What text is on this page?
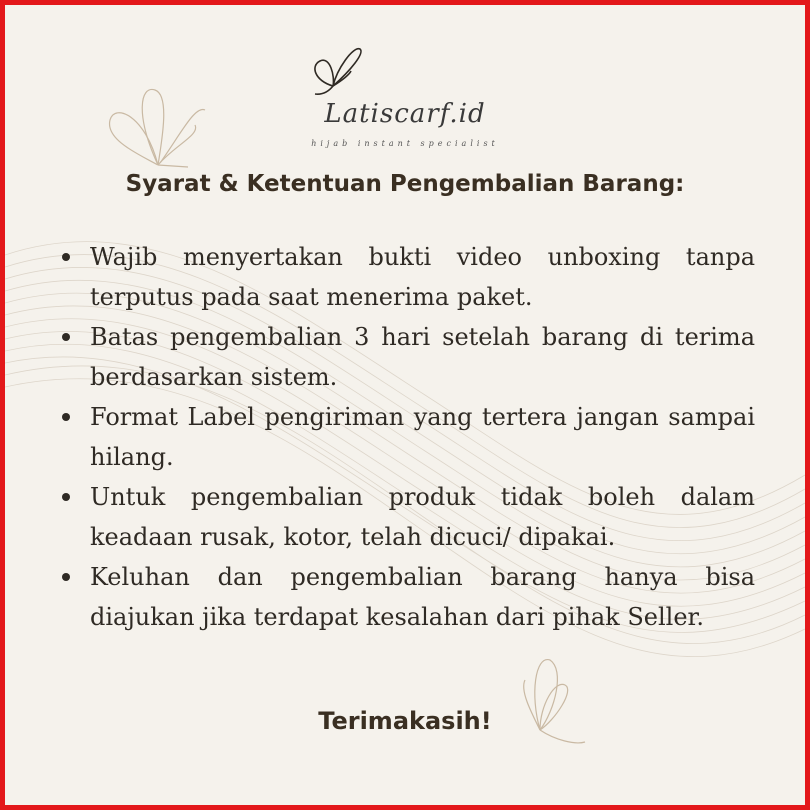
Latiscarf.id
hijab instant specialist
Syarat & Ketentuan Pengembalian Barang:
Wajib menyertakan bukti video unboxing tanpa terputus pada saat menerima paket.
Batas pengembalian 3 hari setelah barang di terima berdasarkan sistem.
Format Label pengiriman yang tertera jangan sampai hilang.
Untuk pengembalian produk tidak boleh dalam keadaan rusak, kotor, telah dicuci/ dipakai.
Keluhan dan pengembalian barang hanya bisa diajukan jika terdapat kesalahan dari pihak Seller.

Terimakasih!
